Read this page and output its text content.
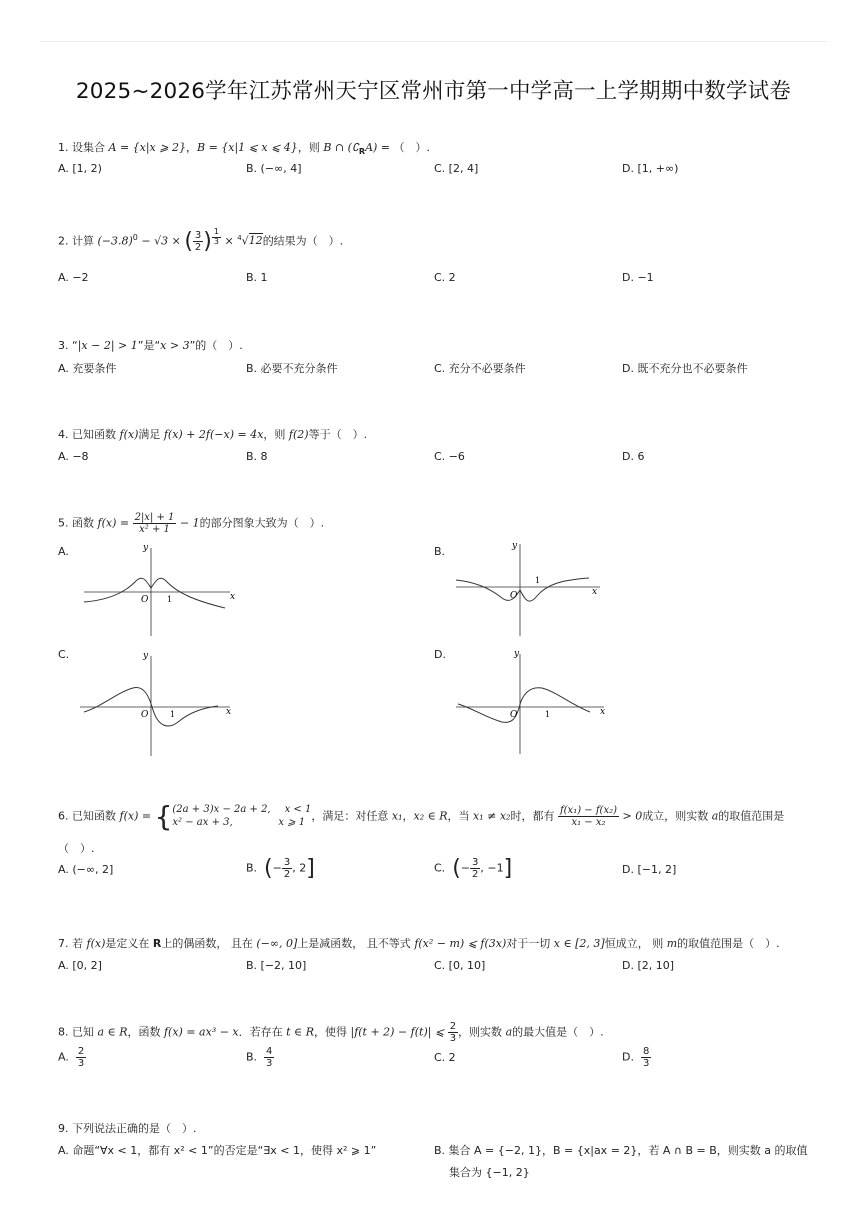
2025~2026学年江苏常州天宁区常州市第一中学高一上学期期中数学试卷
1. 设集合 A = {x|x ⩾ 2}，B = {x|1 ⩽ x ⩽ 4}，则 B ∩ $(∁_RA)$ = （　）.
A. [1, 2)	B. (−∞, 4]	C. [2, 4]	D. [1, +∞)
2. 计算 $(-3.8)^0 - √3$ × ( $\frac{3}{2}$ ) $^{\frac{1}{3}}$ × $^4$√12的结果为（　）.
A. −2	B. 1	C. 2	D. −1
3. “|x − 2| > 1”是“x > 3”的（　）.
A. 充要条件	B. 必要不充分条件	C. 充分不必要条件	D. 既不充分也不必要条件
4. 已知函数 f(x)满足 f(x) + 2f(−x) = 4x，则 f(2)等于（　）.
A. −8	B. 8	C. −6	D. 6
5. 函数 $f(x) = \frac{2|x| + 1}{\text{x² + 1}} - 1$的部分图象大致为（　）.
A.	B.
C.	D.
x
y
O 1
x
y
O
1
x
y
O	1	x
y
O	1
6. 已知函数 f(x) = { (2a + 3)x − 2a + 2, x < 1
x² − ax + 3,	x ⩾ 1 ，满足：对任意 x₁，x₂ ∈ R，当 x₁ ≠ x₂时，都有 $\frac{\text{f(x₁) − f(x₂)}}{\text{x₁ − x₂}} > 0$成立，则实数 a的取值范围是
（　）.
A. (−∞, 2]	B. (− $\frac{3}{2}$ , 2]	C. (− $\frac{3}{2}$ , −1]	D. [−1, 2]
7. 若 f(x)是定义在 R上的偶函数， 且在 (−∞, 0]上是减函数， 且不等式 f(x² − m) ⩽ f(3x)对于一切 x ∈ [2, 3]恒成立， 则 m的取值范围是（　）.
A. [0, 2]	B. [−2, 10]	C. [0, 10]	D. [2, 10]
8. 已知 a ∈ R，函数 f(x) = ax³ − x．若存在 t ∈ R，使得 |f(t + 2) − f(t)| ⩽ $\frac{2}{3}$ ，则实数 a的最大值是（　）.
A. $\frac{2}{3}$	B. $\frac{4}{3}$	C. 2	D. $\frac{8}{3}$
9. 下列说法正确的是（　）.
A. 命题“∀x < 1，都有 x² < 1”的否定是“∃x < 1，使得 x² ⩾ 1”	B. 集合 A = {−2, 1}，B = {x|ax = 2}，若 A ∩ B = B，则实数 a 的取值
集合为 {−1, 2}
